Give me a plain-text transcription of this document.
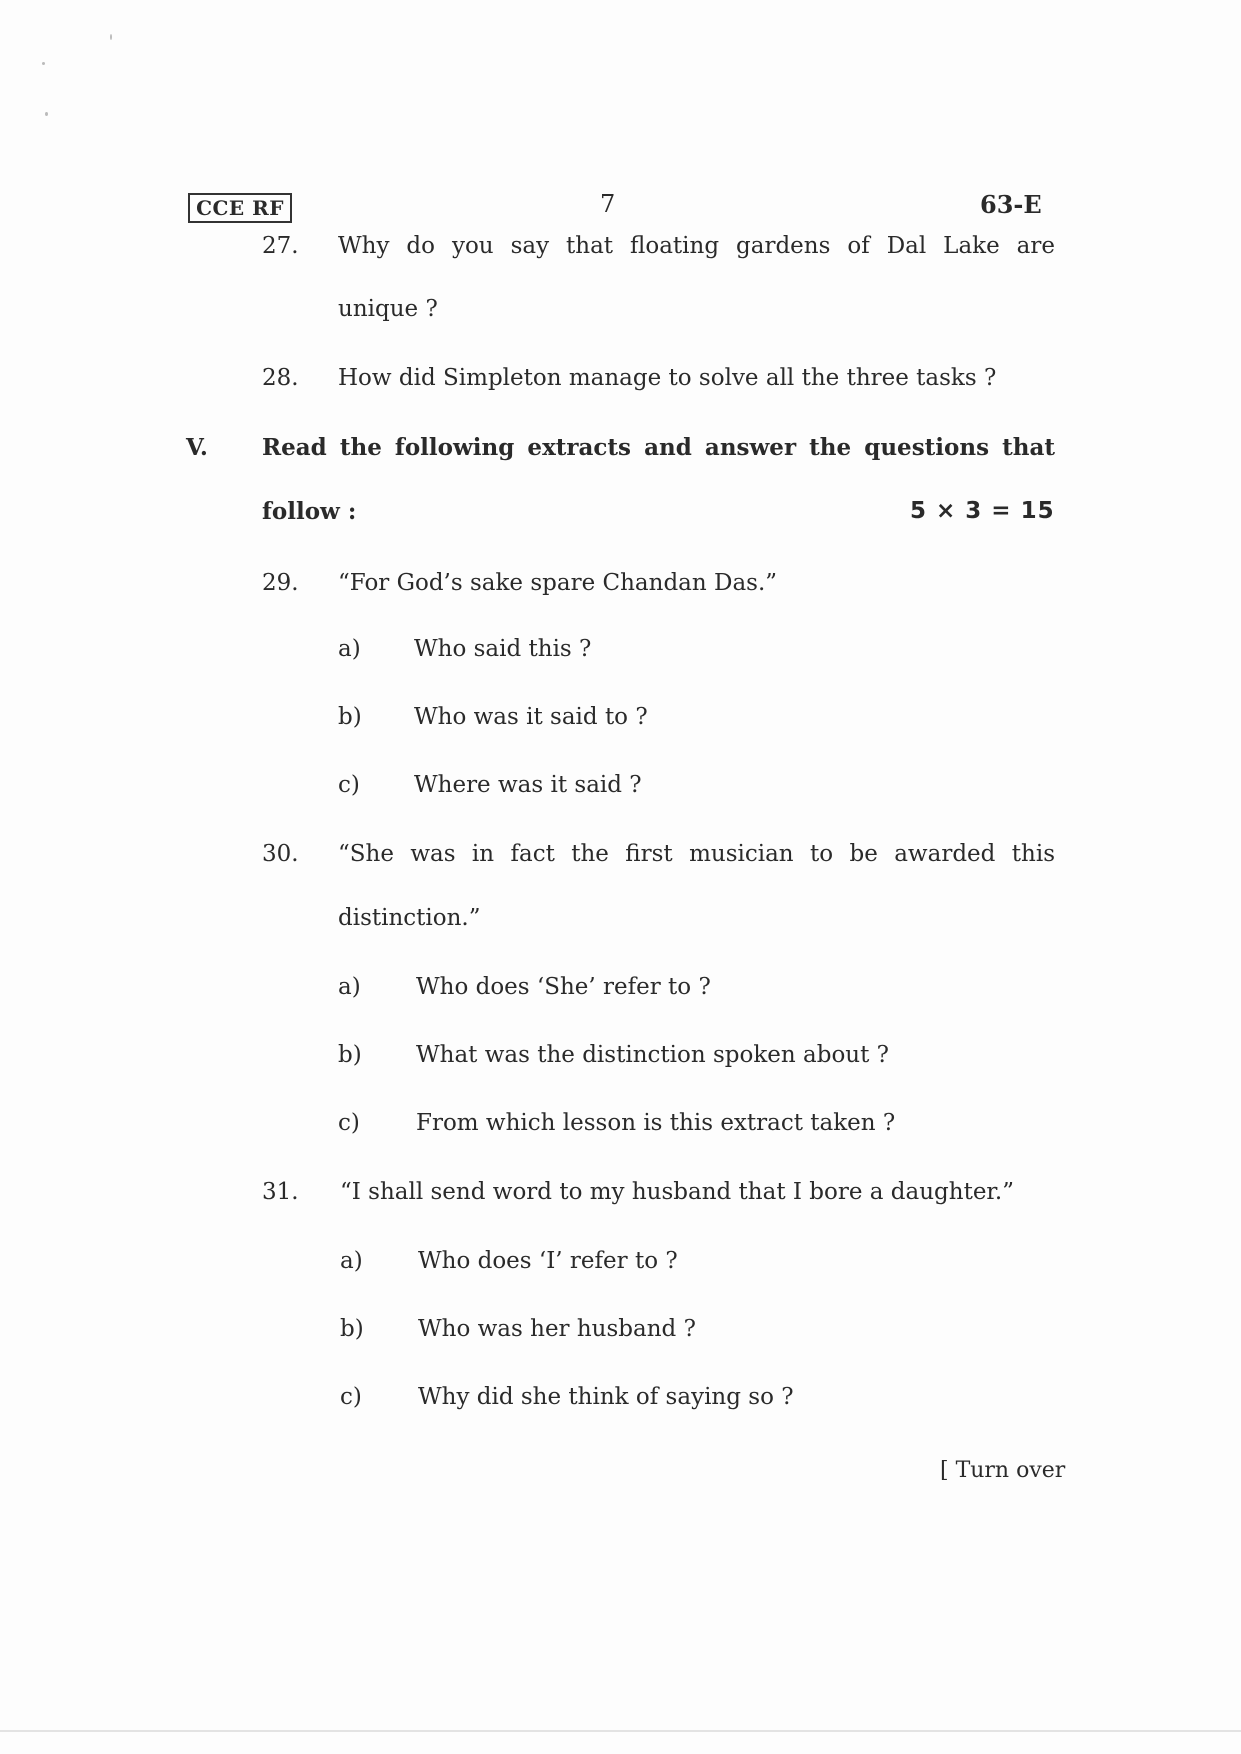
CCE RF	7	63-E
27. Why do you say that floating gardens of Dal Lake are
unique ?
28. How did Simpleton manage to solve all the three tasks ?
V. Read the following extracts and answer the questions that
follow :	5 × 3 = 15
29. “For God’s sake spare Chandan Das.”
a) Who said this ?
b) Who was it said to ?
c) Where was it said ?
30. “She was in fact the first musician to be awarded this
distinction.”
a) Who does ‘She’ refer to ?
b) What was the distinction spoken about ?
c) From which lesson is this extract taken ?
31. “I shall send word to my husband that I bore a daughter.”
a) Who does ‘I’ refer to ?
b) Who was her husband ?
c) Why did she think of saying so ?
[ Turn over
